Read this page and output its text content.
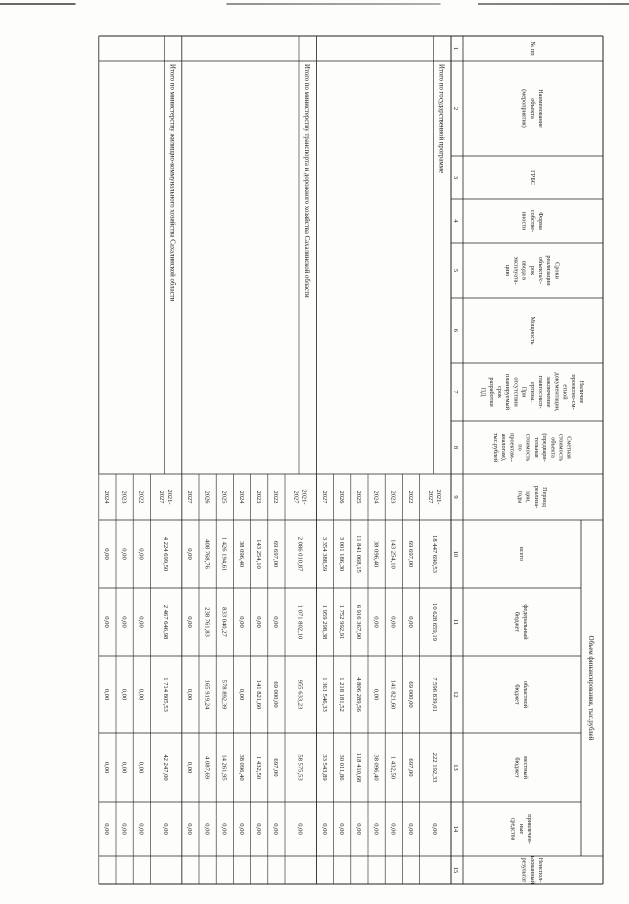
№ пп
Наименованиеобъекта(мероприятия)
ГРБС
Формасобстве-нности
Срокиреализацииобъекта/с-рокввода вэксплуата-цию
Мощность
Наличиепроектно-см-етнойдокументации,заключениеглавгосэксп-ертизы.ПриотсутствиипланируемыйсрокразработкиПД
Сметнаястоимостьобъекта(предвари-тельнаястоимостьпопроектам--аналогам),тыс.рублей
Периодреализа-ции,годы
всего
федеральныйбюджет
областнойбюджет
местныйбюджет
привлечен-ныесредства
Неиспол-ьзованныйрезультат
Объем финансирования, тыс.рублей
1
2
3
4
5
6
7
8
9
10
11
12
13
14
15
Итого по государственной программе
2021-2027
18 447 690,53
10 628 659,19
7 596 839,01
222 192,33
0,00
2022
69 697,00
0,00
69 000,00
697,00
0,00
2023
143 254,10
0,00
141 821,60
1 432,50
0,00
2024
38 096,40
0,00
0,00
38 096,40
0,00
2025
11 841 068,15
6 916 367,90
4 806 289,56
118 410,68
0,00
2026
3 001 186,30
1 752 992,91
1 218 181,52
30 011,86
0,00
2027
3 354 388,59
1 959 298,38
1 361 546,33
33 543,89
0,00
Итого по министерству транспорта и дорожного хозяйства Сахалинской области
2021-2027
2 086 010,87
1 071 802,10
955 633,23
58 575,53
0,00
2022
69 697,00
0,00
69 000,00
697,00
0,00
2023
143 254,10
0,00
141 821,60
1 432,50
0,00
2024
38 096,40
0,00
0,00
38 096,40
0,00
2025
1 426 194,61
833 040,27
578 892,39
14 261,95
0,00
2026
408 768,76
238 761,83
165 919,24
4 087,69
0,00
2027
0,00
0,00
0,00
0,00
0,00
Итого по министерству жилищно-коммунального хозяйства Сахалинской области
2021-2027
4 224 699,50
2 467 646,98
1 714 805,53
42 247,00
0,00
2022
0,00
0,00
0,00
0,00
0,00
2023
0,00
0,00
0,00
0,00
0,00
2024
0,00
0,00
0,00
0,00
0,00
